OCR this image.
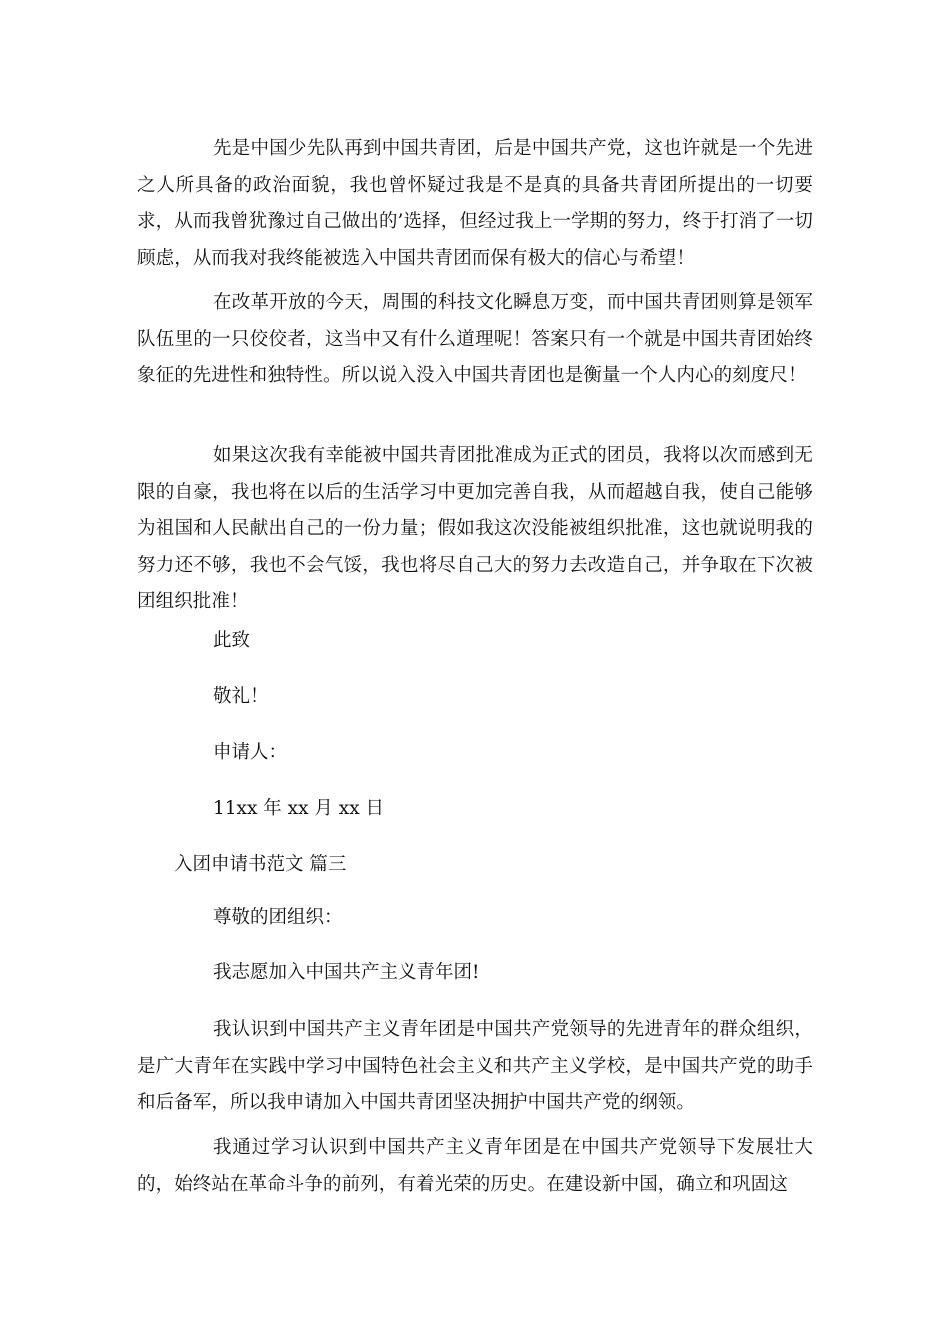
先是中国少先队再到中国共青团，后是中国共产党，这也许就是一个先进之人所具备的政治面貌，我也曾怀疑过我是不是真的具备共青团所提出的一切要求，从而我曾犹豫过自己做出的’选择，但经过我上一学期的努力，终于打消了一切顾虑，从而我对我终能被选入中国共青团而保有极大的信心与希望！

在改革开放的今天，周围的科技文化瞬息万变，而中国共青团则算是领军队伍里的一只佼佼者，这当中又有什么道理呢！答案只有一个就是中国共青团始终象征的先进性和独特性。所以说入没入中国共青团也是衡量一个人内心的刻度尺！

如果这次我有幸能被中国共青团批准成为正式的团员，我将以次而感到无限的自豪，我也将在以后的生活学习中更加完善自我，从而超越自我，使自己能够为祖国和人民献出自己的一份力量；假如我这次没能被组织批准，这也就说明我的努力还不够，我也不会气馁，我也将尽自己大的努力去改造自己，并争取在下次被团组织批准！

此致

敬礼！

申请人：

11xx 年 xx 月 xx 日

入团申请书范文 篇三

尊敬的团组织：

我志愿加入中国共产主义青年团!

我认识到中国共产主义青年团是中国共产党领导的先进青年的群众组织，是广大青年在实践中学习中国特色社会主义和共产主义学校，是中国共产党的助手和后备军，所以我申请加入中国共青团坚决拥护中国共产党的纲领。

我通过学习认识到中国共产主义青年团是在中国共产党领导下发展壮大的，始终站在革命斗争的前列，有着光荣的历史。在建设新中国，确立和巩固这
